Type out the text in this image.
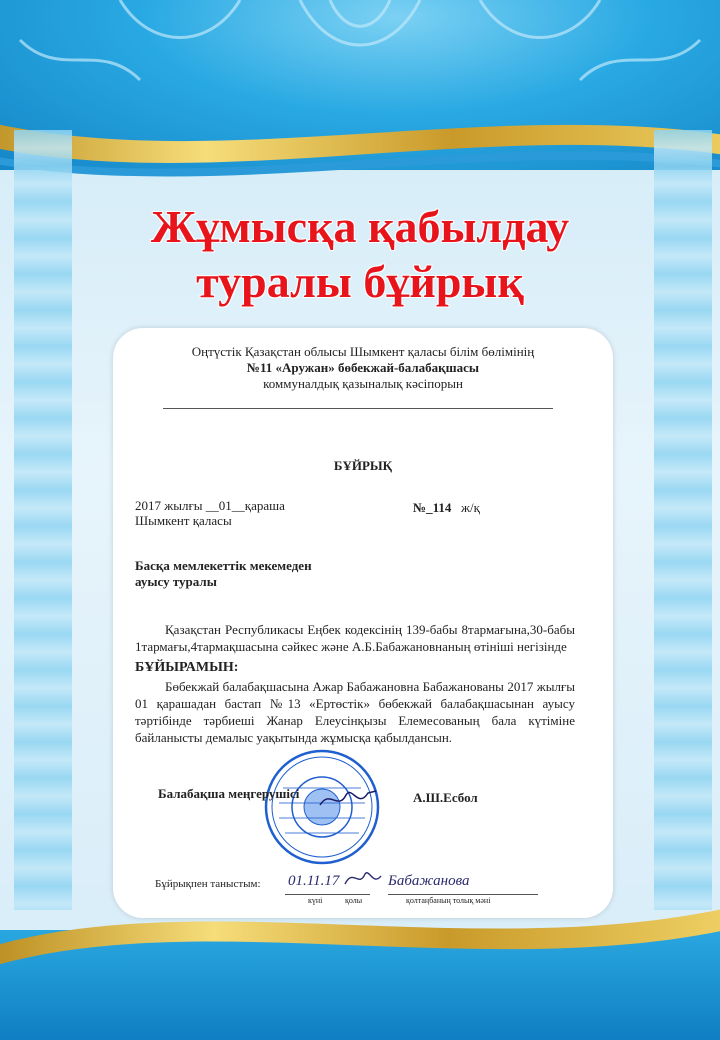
Жұмысқа қабылдау
туралы бұйрық
Оңтүстік Қазақстан облысы Шымкент қаласы білім бөлімінің
№11 «Аружан» бөбекжай-балабақшасы
коммуналдық қазыналық кәсіпорын
БҰЙРЫҚ
2017 жылғы __01__қараша
Шымкент қаласы
№_114 ж/қ
Басқа мемлекеттік мекемеден
ауысу туралы
Қазақстан Республикасы Еңбек кодексінің 139-бабы 8тармағына,30-бабы 1тармағы,4тармақшасына сәйкес және А.Б.Бабажановнаның өтініші негізінде
БҰЙЫРАМЫН:
Бөбекжай балабақшасына Ажар Бабажановна Бабажанованы 2017 жылғы 01 қарашадан бастап №13 «Ертөстік» бөбекжай балабақшасынан ауысу тәртібінде тәрбиеші Жанар Елеусінқызы Елемесованың бала күтіміне байланысты демалыс уақытында жұмысқа қабылдансын.
Балабақша меңгерушісі	А.Ш.Есбол
Бұйрықпен таныстым: 01.11.17	Бабажанова
күні	қолы	қолтаңбаның толық мәні
